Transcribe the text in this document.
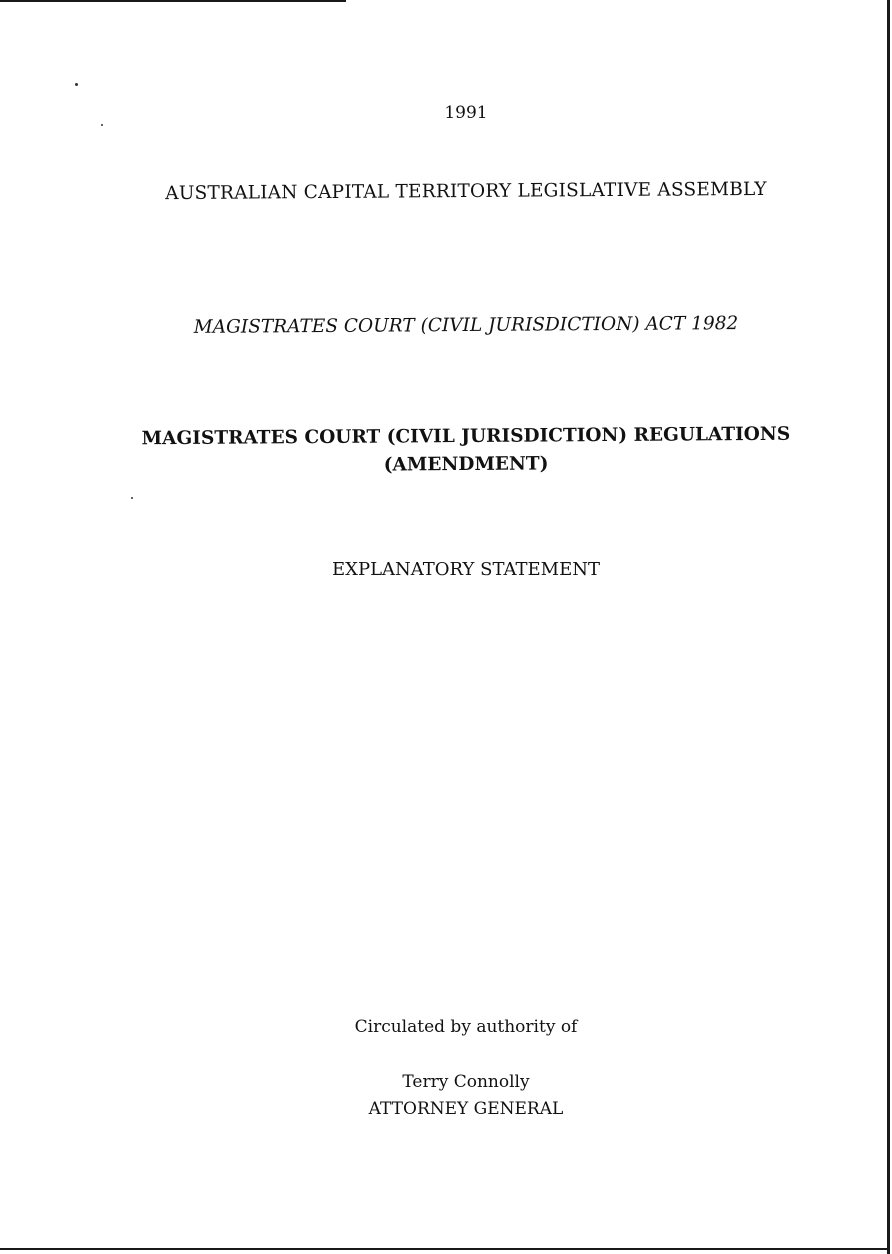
1991
AUSTRALIAN CAPITAL TERRITORY LEGISLATIVE ASSEMBLY
MAGISTRATES COURT (CIVIL JURISDICTION) ACT 1982
MAGISTRATES COURT (CIVIL JURISDICTION) REGULATIONS
(AMENDMENT)
EXPLANATORY STATEMENT
Circulated by authority of
Terry Connolly
ATTORNEY GENERAL
